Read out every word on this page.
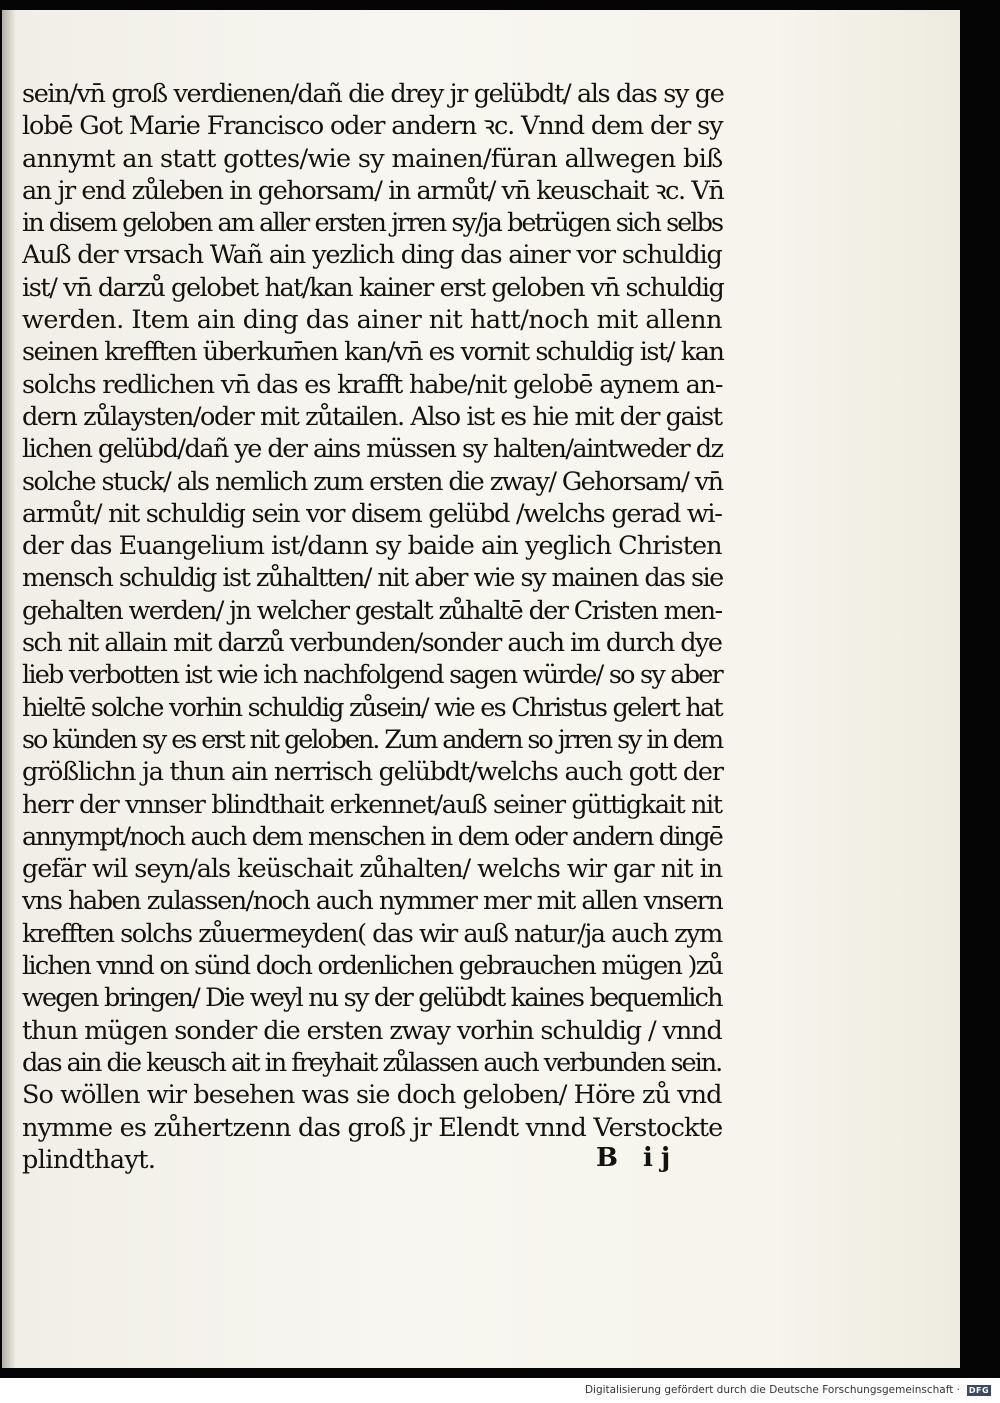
sein/vn̄ groß verdienen/dañ die drey jr gelübdt/ als das sy ge
lobē Got Marie Francisco oder andern ꝛc. Vnnd dem der sy
annymt an statt gottes/wie sy mainen/füran allwegen biß
an jr end zůleben in gehorsam/ in armůt/ vn̄ keuschait ꝛc. Vn̄
in disem geloben am aller ersten jrren sy/ja betrügen sich selbs
Auß der vrsach Wañ ain yezlich ding das ainer vor schuldig
ist/ vn̄ darzů gelobet hat/kan kainer erst geloben vn̄ schuldig
werden. Item ain ding das ainer nit hatt/noch mit allenn
seinen krefften überkum̄en kan/vn̄ es vornit schuldig ist/ kan
solchs redlichen vn̄ das es krafft habe/nit gelobē aynem an-
dern zůlaysten/oder mit zůtailen. Also ist es hie mit der gaist
lichen gelübd/dañ ye der ains müssen sy halten/aintweder dz
solche stuck/ als nemlich zum ersten die zway/ Gehorsam/ vn̄
armůt/ nit schuldig sein vor disem gelübd /welchs gerad wi-
der das Euangelium ist/dann sy baide ain yeglich Christen
mensch schuldig ist zůhaltten/ nit aber wie sy mainen das sie
gehalten werden/ jn welcher gestalt zůhaltē der Cristen men-
sch nit allain mit darzů verbunden/sonder auch im durch dye
lieb verbotten ist wie ich nachfolgend sagen würde/ so sy aber
hieltē solche vorhin schuldig zůsein/ wie es Christus gelert hat
so künden sy es erst nit geloben. Zum andern so jrren sy in dem
größlichn ja thun ain nerrisch gelübdt/welchs auch gott der
herr der vnnser blindthait erkennet/auß seiner güttigkait nit
annympt/noch auch dem menschen in dem oder andern dingē
gefär wil seyn/als keüschait zůhalten/ welchs wir gar nit in
vns haben zulassen/noch auch nymmer mer mit allen vnsern
krefften solchs zůuermeyden( das wir auß natur/ja auch zym
lichen vnnd on sünd doch ordenlichen gebrauchen mügen )zů
wegen bringen/ Die weyl nu sy der gelübdt kaines bequemlich
thun mügen sonder die ersten zway vorhin schuldig / vnnd
das ain die keusch ait in freyhait zůlassen auch verbunden sein.
So wöllen wir besehen was sie doch geloben/ Höre zů vnd
nymme es zůhertzenn das groß jr Elendt vnnd Verstockte
plindthayt.	B ij
Digitalisierung gefördert durch die Deutsche Forschungsgemeinschaft · DFG
